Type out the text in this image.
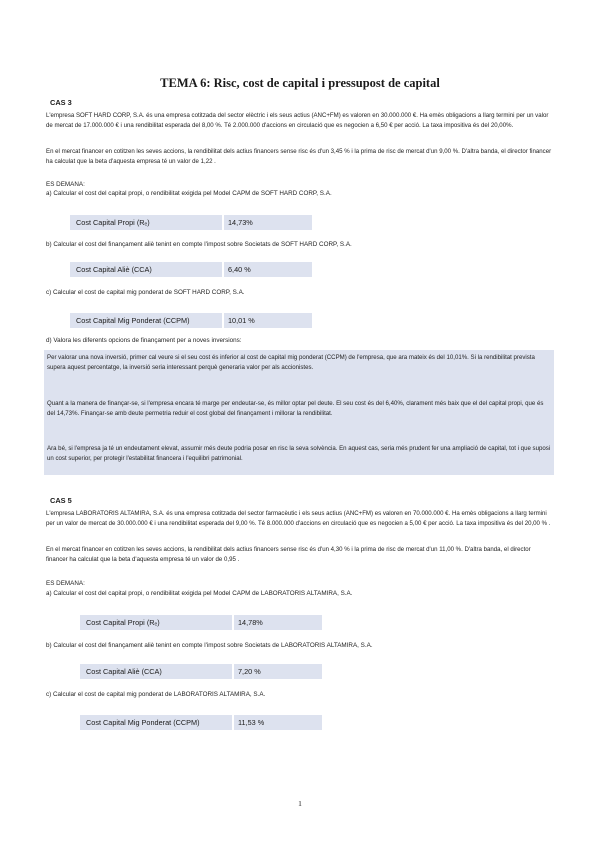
TEMA 6: Risc, cost de capital i pressupost de capital
CAS 3
L'empresa SOFT HARD CORP, S.A. és una empresa cotitzada del sector elèctric i els seus actius (ANC+FM) es valoren en 30.000.000 €. Ha emès obligacions a llarg termini per un valor de mercat de 17.000.000 € i una rendibilitat esperada del 8,00 %. Té 2.000.000 d'accions en circulació que es negocien a 6,50 € per acció. La taxa impositiva és del 20,00%.
En el mercat financer en cotitzen les seves accions, la rendibilitat dels actius financers sense risc és d'un 3,45 % i la prima de risc de mercat d'un 9,00 %. D'altra banda, el director financer ha calculat que la beta d'aquesta empresa té un valor de 1,22 .
ES DEMANA:
a) Calcular el cost del capital propi, o rendibilitat exigida pel Model CAPM de SOFT HARD CORP, S.A.
Cost Capital Propi (Rₑ)	14,73%
b) Calcular el cost del finançament aliè tenint en compte l'impost sobre Societats de SOFT HARD CORP, S.A.
Cost Capital Aliè (CCA)	6,40 %
c) Calcular el cost de capital mig ponderat de SOFT HARD CORP, S.A.
Cost Capital Mig Ponderat (CCPM)	10,01 %
d) Valora les diferents opcions de finançament per a noves inversions:
Per valorar una nova inversió, primer cal veure si el seu cost és inferior al cost de capital mig ponderat (CCPM) de l'empresa, que ara mateix és del 10,01%. Si la rendibilitat prevista supera aquest percentatge, la inversió seria interessant perquè generaria valor per als accionistes.
Quant a la manera de finançar-se, si l'empresa encara té marge per endeutar-se, és millor optar pel deute. El seu cost és del 6,40%, clarament més baix que el del capital propi, que és del 14,73%. Finançar-se amb deute permetria reduir el cost global del finançament i millorar la rendibilitat.
Ara bé, si l'empresa ja té un endeutament elevat, assumir més deute podria posar en risc la seva solvència. En aquest cas, seria més prudent fer una ampliació de capital, tot i que suposi un cost superior, per protegir l'estabilitat financera i l'equilibri patrimonial.
CAS 5
L'empresa LABORATORIS ALTAMIRA, S.A. és una empresa cotitzada del sector farmacèutic i els seus actius (ANC+FM) es valoren en 70.000.000 €. Ha emès obligacions a llarg termini per un valor de mercat de 30.000.000 € i una rendibilitat esperada del 9,00 %. Té 8.000.000 d'accions en circulació que es negocien a 5,00 € per acció. La taxa impositiva és del 20,00 % .
En el mercat financer en cotitzen les seves accions, la rendibilitat dels actius financers sense risc és d'un 4,30 % i la prima de risc de mercat d'un 11,00 %. D'altra banda, el director financer ha calculat que la beta d'aquesta empresa té un valor de 0,95 .
ES DEMANA:
a) Calcular el cost del capital propi, o rendibilitat exigida pel Model CAPM de LABORATORIS ALTAMIRA, S.A.
Cost Capital Propi (Rₑ)	14,78%
b) Calcular el cost del finançament aliè tenint en compte l'impost sobre Societats de LABORATORIS ALTAMIRA, S.A.
Cost Capital Aliè (CCA)	7,20 %
c) Calcular el cost de capital mig ponderat de LABORATORIS ALTAMIRA, S.A.
Cost Capital Mig Ponderat (CCPM)	11,53 %
1
